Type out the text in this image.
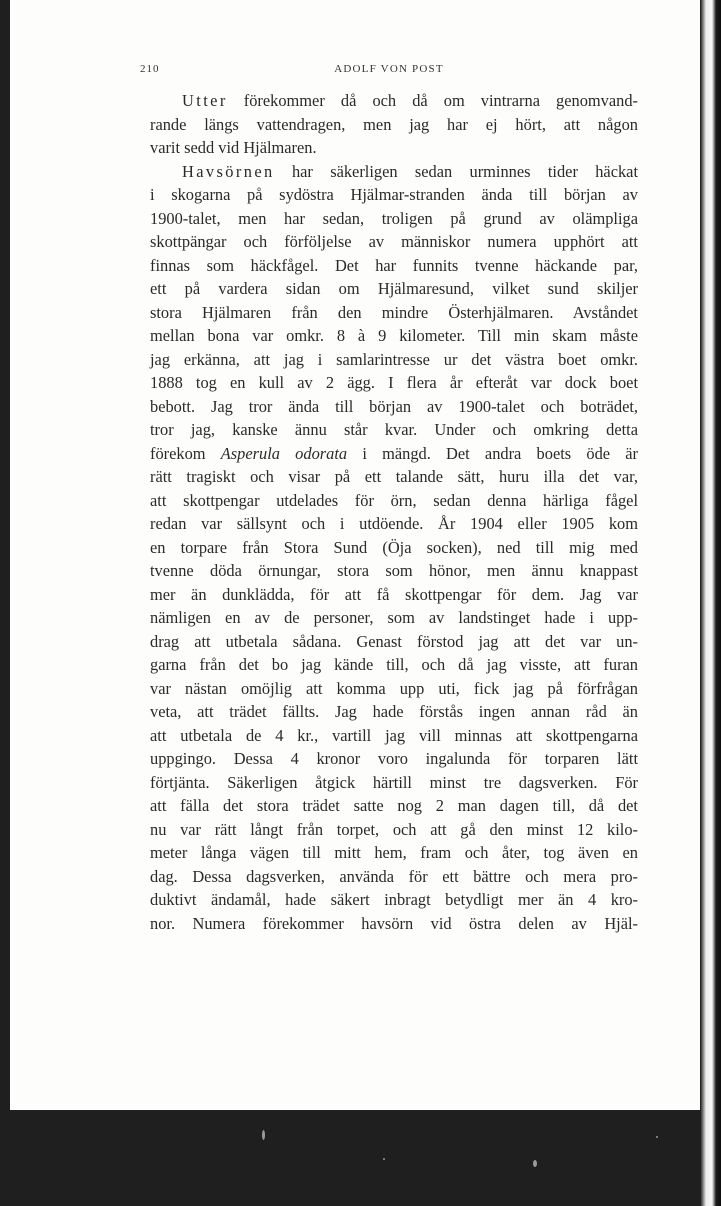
210	ADOLF VON POST
Utter förekommer då och då om vintrarna genomvand-
rande längs vattendragen, men jag har ej hört, att någon
varit sedd vid Hjälmaren.
Havsörnen har säkerligen sedan urminnes tider häckat
i skogarna på sydöstra Hjälmar-stranden ända till början av
1900-talet, men har sedan, troligen på grund av olämpliga
skottpängar och förföljelse av människor numera upphört att
finnas som häckfågel. Det har funnits tvenne häckande par,
ett på vardera sidan om Hjälmaresund, vilket sund skiljer
stora Hjälmaren från den mindre Österhjälmaren. Avståndet
mellan bona var omkr. 8 à 9 kilometer. Till min skam måste
jag erkänna, att jag i samlarintresse ur det västra boet omkr.
1888 tog en kull av 2 ägg. I flera år efteråt var dock boet
bebott. Jag tror ända till början av 1900-talet och boträdet,
tror jag, kanske ännu står kvar. Under och omkring detta
förekom Asperula odorata i mängd. Det andra boets öde är
rätt tragiskt och visar på ett talande sätt, huru illa det var,
att skottpengar utdelades för örn, sedan denna härliga fågel
redan var sällsynt och i utdöende. År 1904 eller 1905 kom
en torpare från Stora Sund (Öja socken), ned till mig med
tvenne döda örnungar, stora som hönor, men ännu knappast
mer än dunklädda, för att få skottpengar för dem. Jag var
nämligen en av de personer, som av landstinget hade i upp-
drag att utbetala sådana. Genast förstod jag att det var un-
garna från det bo jag kände till, och då jag visste, att furan
var nästan omöjlig att komma upp uti, fick jag på förfrågan
veta, att trädet fällts. Jag hade förstås ingen annan råd än
att utbetala de 4 kr., vartill jag vill minnas att skottpengarna
uppgingo. Dessa 4 kronor voro ingalunda för torparen lätt
förtjänta. Säkerligen åtgick härtill minst tre dagsverken. För
att fälla det stora trädet satte nog 2 man dagen till, då det
nu var rätt långt från torpet, och att gå den minst 12 kilo-
meter långa vägen till mitt hem, fram och åter, tog även en
dag. Dessa dagsverken, använda för ett bättre och mera pro-
duktivt ändamål, hade säkert inbragt betydligt mer än 4 kro-
nor. Numera förekommer havsörn vid östra delen av Hjäl-
